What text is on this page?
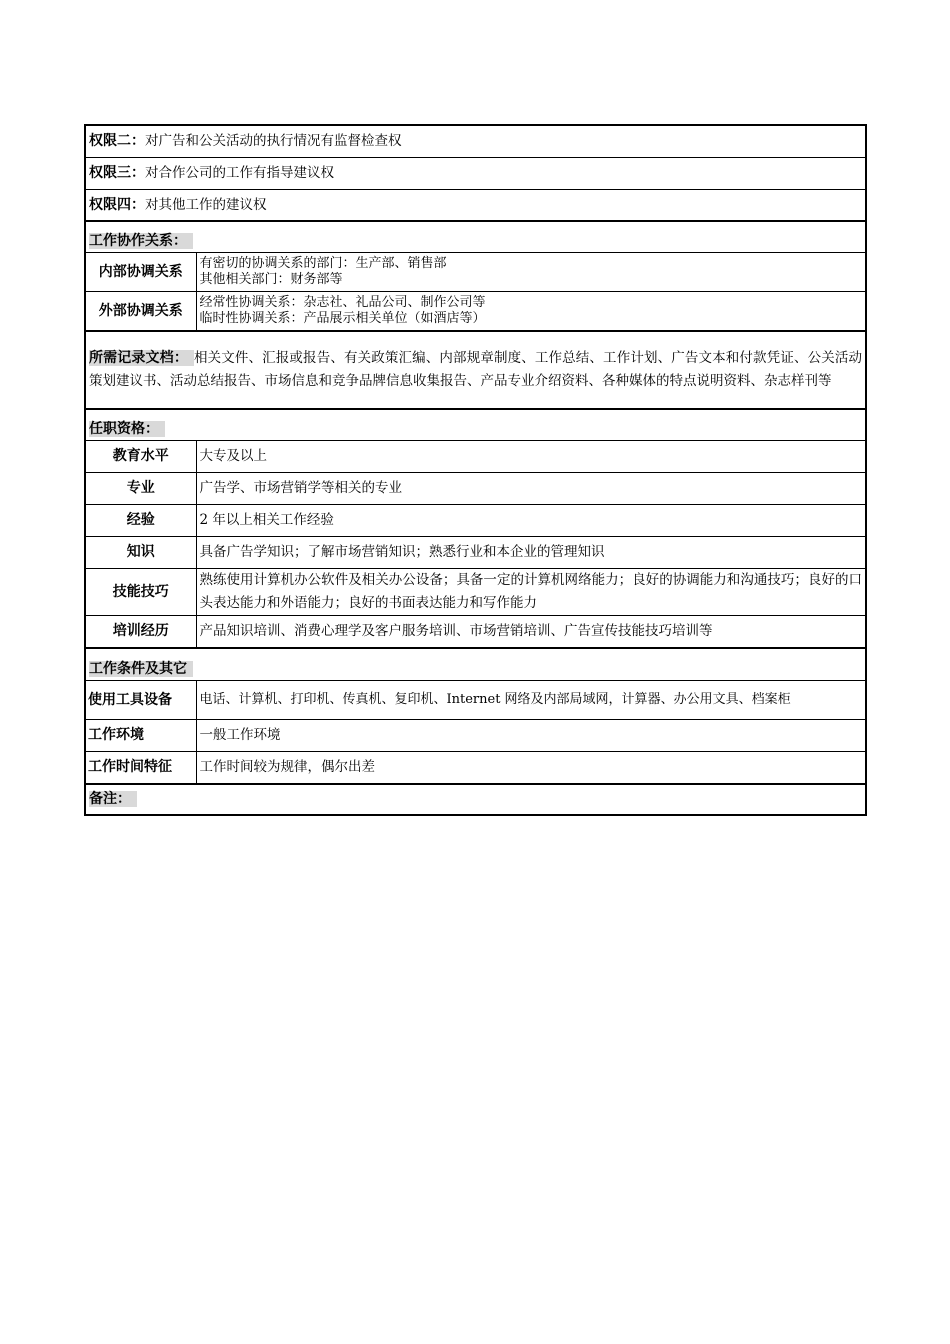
权限二：对广告和公关活动的执行情况有监督检查权	
权限三：对合作公司的工作有指导建议权	
权限四：对其他工作的建议权	
工作协作关系：	
内部协调关系	有密切的协调关系的部门：生产部、销售部
其他相关部门：财务部等

外部协调关系	经常性协调关系：杂志社、礼品公司、制作公司等
临时性协调关系：产品展示相关单位（如酒店等）

所需记录文档： 相关文件、汇报或报告、有关政策汇编、内部规章制度、工作总结、工作计划、广告文本和付款凭证、公关活动策划建议书、活动总结报告、市场信息和竞争品牌信息收集报告、产品专业介绍资料、各种媒体的特点说明资料、杂志样刊等	
任职资格：	
教育水平	大专及以上
专业	广告学、市场营销学等相关的专业
经验	2 年以上相关工作经验
知识	具备广告学知识；了解市场营销知识；熟悉行业和本企业的管理知识
技能技巧	熟练使用计算机办公软件及相关办公设备；具备一定的计算机网络能力；良好的协调能力和沟通技巧；良好的口头表达能力和外语能力；良好的书面表达能力和写作能力
培训经历	产品知识培训、消费心理学及客户服务培训、市场营销培训、广告宣传技能技巧培训等
工作条件及其它	
使用工具设备	电话、计算机、打印机、传真机、复印机、Internet 网络及内部局域网，计算器、办公用文具、档案柜
工作环境	一般工作环境
工作时间特征	工作时间较为规律，偶尔出差
备注：	
